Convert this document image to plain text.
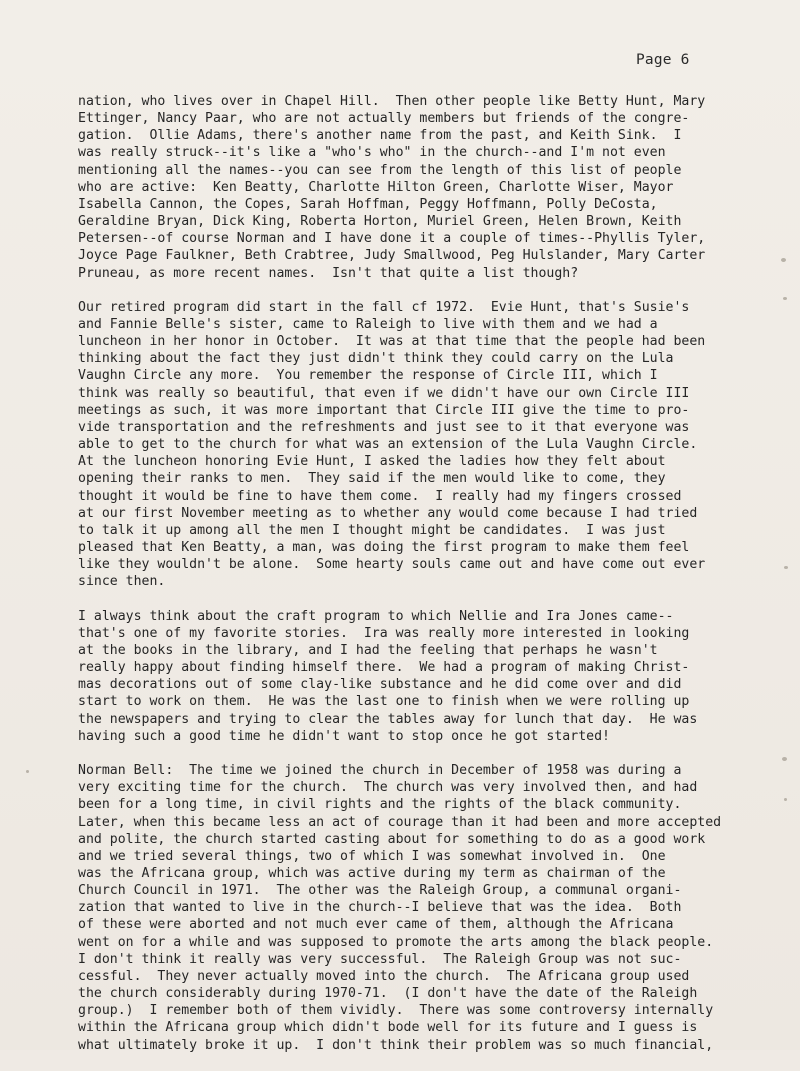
Page 6

nation, who lives over in Chapel Hill.  Then other people like Betty Hunt, Mary
Ettinger, Nancy Paar, who are not actually members but friends of the congre-
gation.  Ollie Adams, there's another name from the past, and Keith Sink.  I
was really struck--it's like a "who's who" in the church--and I'm not even
mentioning all the names--you can see from the length of this list of people
who are active:  Ken Beatty, Charlotte Hilton Green, Charlotte Wiser, Mayor
Isabella Cannon, the Copes, Sarah Hoffman, Peggy Hoffmann, Polly DeCosta,
Geraldine Bryan, Dick King, Roberta Horton, Muriel Green, Helen Brown, Keith
Petersen--of course Norman and I have done it a couple of times--Phyllis Tyler,
Joyce Page Faulkner, Beth Crabtree, Judy Smallwood, Peg Hulslander, Mary Carter
Pruneau, as more recent names.  Isn't that quite a list though?

Our retired program did start in the fall cf 1972.  Evie Hunt, that's Susie's
and Fannie Belle's sister, came to Raleigh to live with them and we had a
luncheon in her honor in October.  It was at that time that the people had been
thinking about the fact they just didn't think they could carry on the Lula
Vaughn Circle any more.  You remember the response of Circle III, which I
think was really so beautiful, that even if we didn't have our own Circle III
meetings as such, it was more important that Circle III give the time to pro-
vide transportation and the refreshments and just see to it that everyone was
able to get to the church for what was an extension of the Lula Vaughn Circle.
At the luncheon honoring Evie Hunt, I asked the ladies how they felt about
opening their ranks to men.  They said if the men would like to come, they
thought it would be fine to have them come.  I really had my fingers crossed
at our first November meeting as to whether any would come because I had tried
to talk it up among all the men I thought might be candidates.  I was just
pleased that Ken Beatty, a man, was doing the first program to make them feel
like they wouldn't be alone.  Some hearty souls came out and have come out ever
since then.

I always think about the craft program to which Nellie and Ira Jones came--
that's one of my favorite stories.  Ira was really more interested in looking
at the books in the library, and I had the feeling that perhaps he wasn't
really happy about finding himself there.  We had a program of making Christ-
mas decorations out of some clay-like substance and he did come over and did
start to work on them.  He was the last one to finish when we were rolling up
the newspapers and trying to clear the tables away for lunch that day.  He was
having such a good time he didn't want to stop once he got started!

Norman Bell:  The time we joined the church in December of 1958 was during a
very exciting time for the church.  The church was very involved then, and had
been for a long time, in civil rights and the rights of the black community.
Later, when this became less an act of courage than it had been and more accepted
and polite, the church started casting about for something to do as a good work
and we tried several things, two of which I was somewhat involved in.  One
was the Africana group, which was active during my term as chairman of the
Church Council in 1971.  The other was the Raleigh Group, a communal organi-
zation that wanted to live in the church--I believe that was the idea.  Both
of these were aborted and not much ever came of them, although the Africana
went on for a while and was supposed to promote the arts among the black people.
I don't think it really was very successful.  The Raleigh Group was not suc-
cessful.  They never actually moved into the church.  The Africana group used
the church considerably during 1970-71.  (I don't have the date of the Raleigh
group.)  I remember both of them vividly.  There was some controversy internally
within the Africana group which didn't bode well for its future and I guess is
what ultimately broke it up.  I don't think their problem was so much financial,
